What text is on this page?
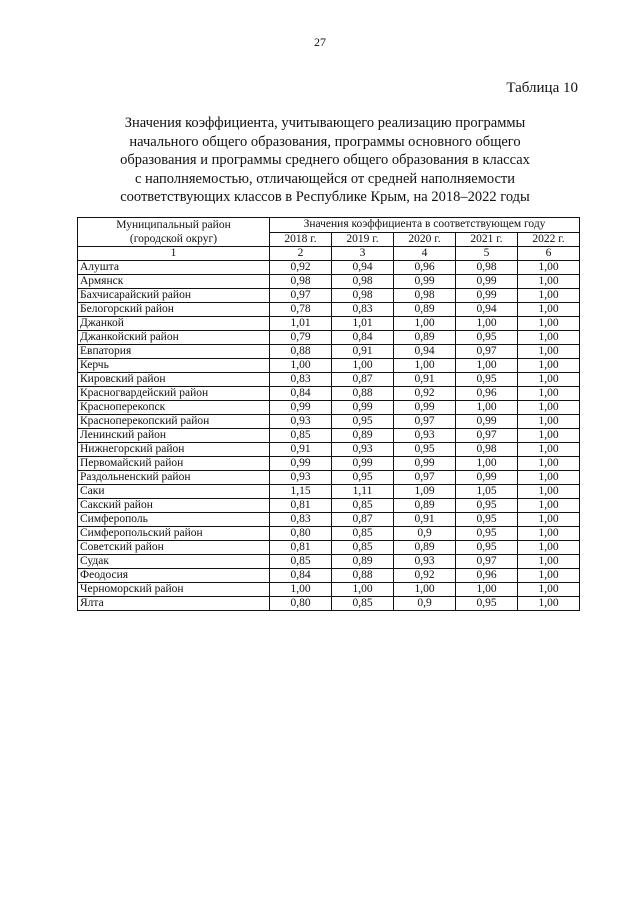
27
Таблица 10
Значения коэффициента, учитывающего реализацию программы
начального общего образования, программы основного общего
образования и программы среднего общего образования в классах
с наполняемостью, отличающейся от средней наполняемости
соответствующих классов в Республике Крым, на 2018–2022 годы
Муниципальный район
(городской округ)	Значения коэффициента в соответствующем году				
	2018 г.	2019 г.	2020 г.	2021 г.	2022 г.
1	2	3	4	5	6
Алушта	0,92	0,94	0,96	0,98	1,00
Армянск	0,98	0,98	0,99	0,99	1,00
Бахчисарайский район	0,97	0,98	0,98	0,99	1,00
Белогорский район	0,78	0,83	0,89	0,94	1,00
Джанкой	1,01	1,01	1,00	1,00	1,00
Джанкойский район	0,79	0,84	0,89	0,95	1,00
Евпатория	0,88	0,91	0,94	0,97	1,00
Керчь	1,00	1,00	1,00	1,00	1,00
Кировский район	0,83	0,87	0,91	0,95	1,00
Красногвардейский район	0,84	0,88	0,92	0,96	1,00
Красноперекопск	0,99	0,99	0,99	1,00	1,00
Красноперекопский район	0,93	0,95	0,97	0,99	1,00
Ленинский район	0,85	0,89	0,93	0,97	1,00
Нижнегорский район	0,91	0,93	0,95	0,98	1,00
Первомайский район	0,99	0,99	0,99	1,00	1,00
Раздольненский район	0,93	0,95	0,97	0,99	1,00
Саки	1,15	1,11	1,09	1,05	1,00
Сакский район	0,81	0,85	0,89	0,95	1,00
Симферополь	0,83	0,87	0,91	0,95	1,00
Симферопольский район	0,80	0,85	0,9	0,95	1,00
Советский район	0,81	0,85	0,89	0,95	1,00
Судак	0,85	0,89	0,93	0,97	1,00
Феодосия	0,84	0,88	0,92	0,96	1,00
Черноморский район	1,00	1,00	1,00	1,00	1,00
Ялта	0,80	0,85	0,9	0,95	1,00
